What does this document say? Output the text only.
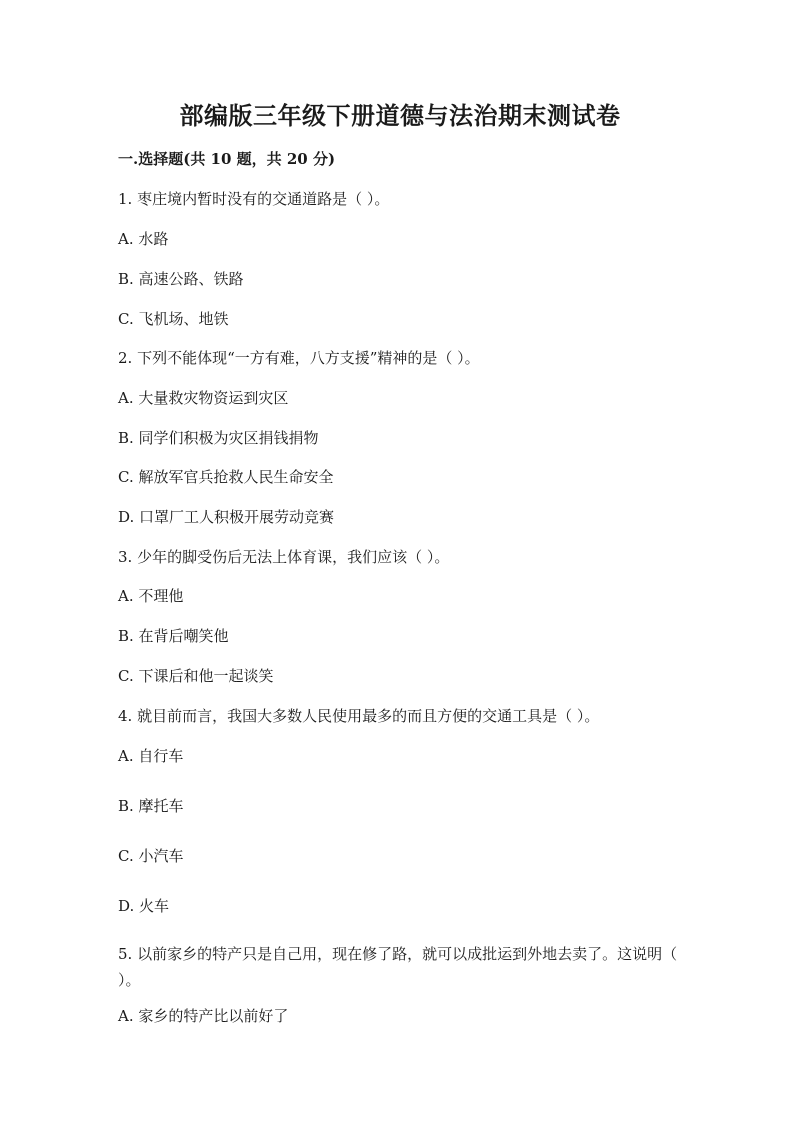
部编版三年级下册道德与法治期末测试卷
一.选择题(共 10 题，共 20 分)
1. 枣庄境内暂时没有的交通道路是（ ）。
A. 水路
B. 高速公路、铁路
C. 飞机场、地铁
2. 下列不能体现“一方有难，八方支援”精神的是（ ）。
A. 大量救灾物资运到灾区
B. 同学们积极为灾区捐钱捐物
C. 解放军官兵抢救人民生命安全
D. 口罩厂工人积极开展劳动竞赛
3. 少年的脚受伤后无法上体育课，我们应该（ ）。
A. 不理他
B. 在背后嘲笑他
C. 下课后和他一起谈笑
4. 就目前而言，我国大多数人民使用最多的而且方便的交通工具是（ ）。
A. 自行车
B. 摩托车
C. 小汽车
D. 火车
5. 以前家乡的特产只是自己用，现在修了路，就可以成批运到外地去卖了。这说明（ ）。
A. 家乡的特产比以前好了
